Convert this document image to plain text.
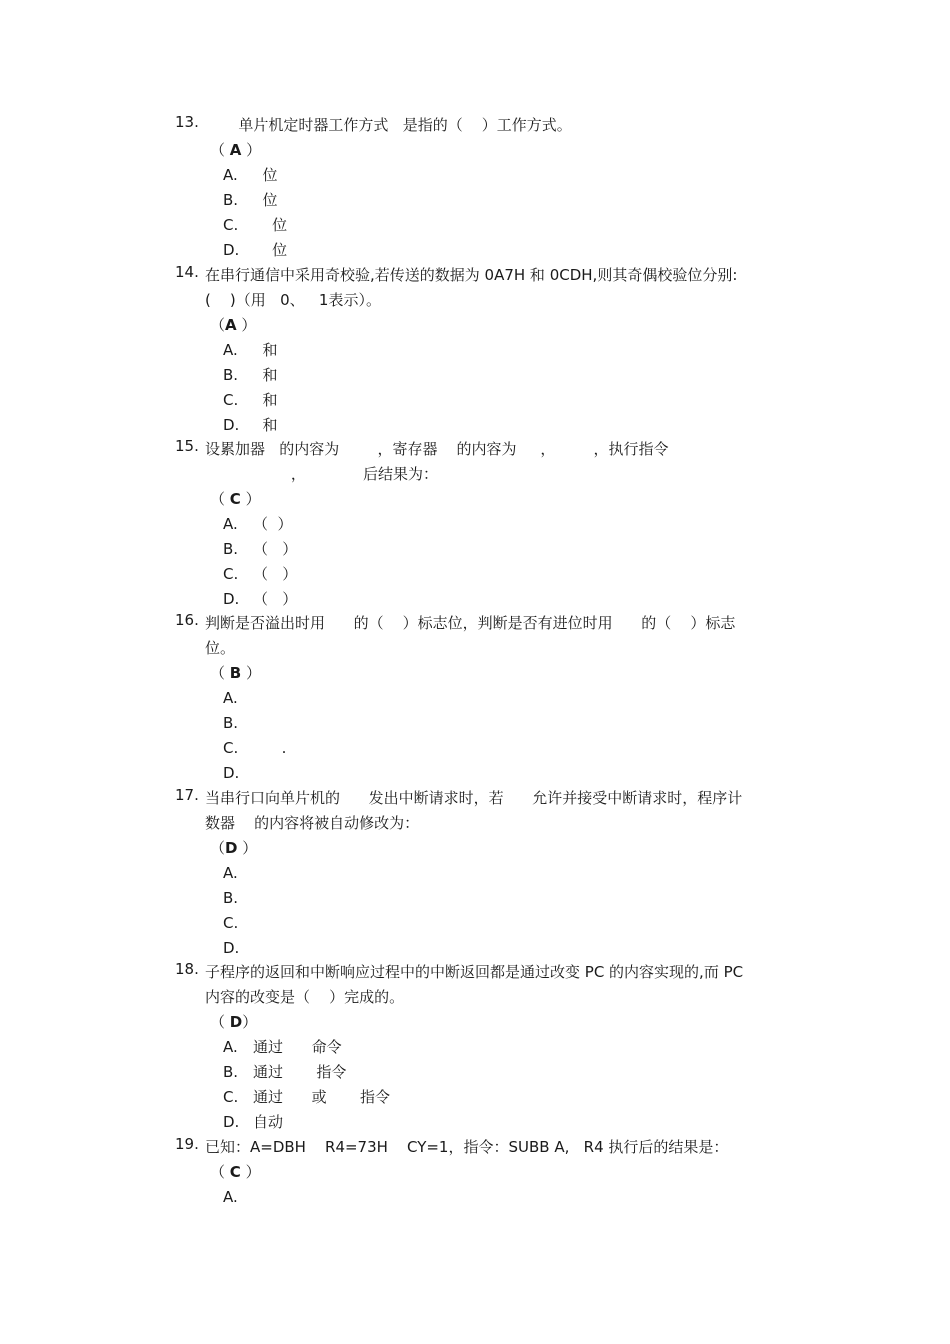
13. 单片机定时器工作方式   是指的（    ）工作方式。
（ A ）
A.  位
B.  位
C.    位
D.    位
14. 在串行通信中采用奇校验,若传送的数据为 0A7H 和 0CDH,则其奇偶校验位分别:
(    )（用   0、   1表示）。
（A ）
A.  和
B.  和
C.  和
D.  和
15. 设累加器   的内容为        ，寄存器    的内容为     ，        ，执行指令
，            后结果为：
（ C ）
A. （  ）
B. （   ）
C. （   ）
D. （   ）
16. 判断是否溢出时用      的（    ）标志位，判断是否有进位时用      的（    ）标志
位。
（ B ）
A.
B.
C.      .
D.
17. 当串行口向单片机的      发出中断请求时，若      允许并接受中断请求时，程序计
数器    的内容将被自动修改为：
（D ）
A.
B.
C.
D.
18. 子程序的返回和中断响应过程中的中断返回都是通过改变 PC 的内容实现的,而 PC
内容的改变是（    ）完成的。
（ D）
A. 通过      命令
B. 通过       指令
C. 通过      或       指令
D. 自动
19. 已知：A=DBH    R4=73H    CY=1，指令：SUBB A,   R4 执行后的结果是：
（ C ）
A.
